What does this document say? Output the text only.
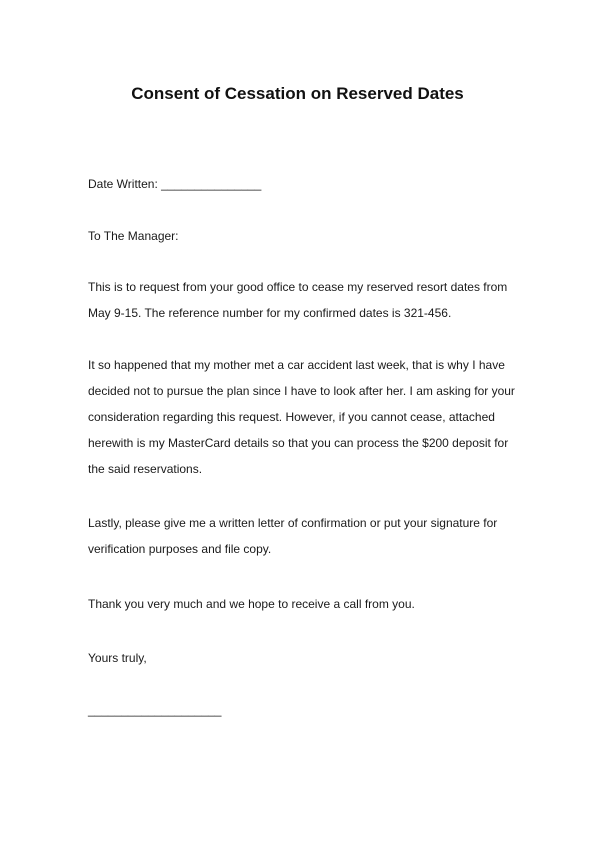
Consent of Cessation on Reserved Dates
Date Written: _______________
To The Manager:
This is to request from your good office to cease my reserved resort dates from
May 9-15. The reference number for my confirmed dates is 321-456.
It so happened that my mother met a car accident last week, that is why I have
decided not to pursue the plan since I have to look after her. I am asking for your
consideration regarding this request. However, if you cannot cease, attached
herewith is my MasterCard details so that you can process the $200 deposit for
the said reservations.
Lastly, please give me a written letter of confirmation or put your signature for
verification purposes and file copy.
Thank you very much and we hope to receive a call from you.
Yours truly,
____________________
